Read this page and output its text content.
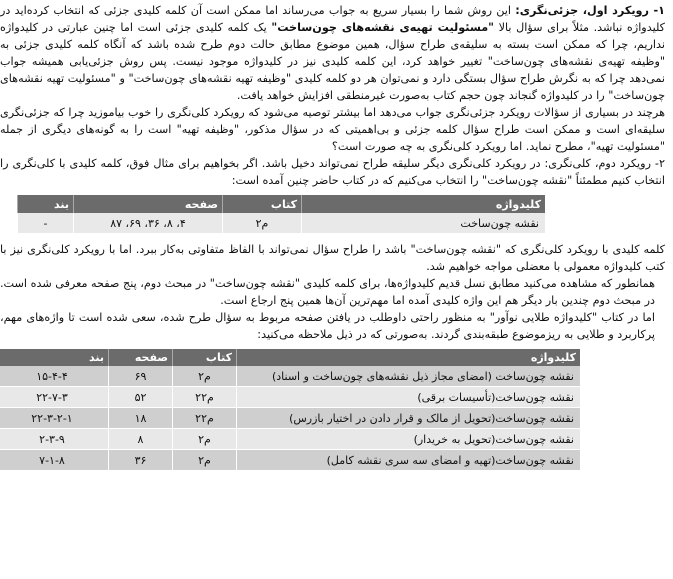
۱- رویکرد اول، جزئی‌نگری: این روش شما را بسیار سریع به جواب می‌رساند اما ممکن است آن کلمه کلیدی جزئی که انتخاب کرده‌اید در کلیدواژه نباشد. مثلاً برای سؤال بالا "مسئولیت تهیه‌ی نقشه‌های چون‌ساخت" یک کلمه کلیدی جزئی است اما چنین عبارتی در کلیدواژه نداریم، چرا که ممکن است بسته به سلیقه‌ی طراح سؤال، همین موضوع مطابق حالت دوم طرح شده باشد که آنگاه کلمه کلیدی جزئی به "وظیفه تهیه‌ی نقشه‌های چون‌ساخت" تغییر خواهد کرد، این کلمه کلیدی نیز در کلیدواژه موجود نیست. پس روش جزئی‌یابی همیشه جواب نمی‌دهد چرا که به نگرش طراح سؤال بستگی دارد و نمی‌توان هر دو کلمه کلیدی "وظیفه تهیه نقشه‌های چون‌ساخت" و "مسئولیت تهیه نقشه‌های چون‌ساخت" را در کلیدواژه گنجاند چون حجم کتاب به‌صورت غیرمنطقی افزایش خواهد یافت.

هرچند در بسیاری از سؤالات رویکرد جزئی‌نگری جواب می‌دهد اما بیشتر توصیه می‌شود که رویکرد کلی‌نگری را خوب بیاموزید چرا که جزئی‌نگری سلیقه‌ای است و ممکن است طراح سؤال کلمه جزئی و بی‌اهمیتی که در سؤال مذکور، "وظیفه تهیه" است را به گونه‌های دیگری از جمله "مسئولیت تهیه"، مطرح نماید. اما رویکرد کلی‌نگری به چه صورت است؟

۲- رویکرد دوم، کلی‌نگری: در رویکرد کلی‌نگری دیگر سلیقه طراح نمی‌تواند دخیل باشد. اگر بخواهیم برای مثال فوق، کلمه کلیدی با کلی‌نگری را انتخاب کنیم مطمئناً "نقشه چون‌ساخت" را انتخاب می‌کنیم که در کتاب حاضر چنین آمده است:

کلیدواژه	کتاب	صفحه	بند
نقشه چون‌ساخت	م۲	۴، ۸، ۳۶، ۶۹، ۸۷	-

کلمه کلیدی با رویکرد کلی‌نگری که "نقشه چون‌ساخت" باشد را طراح سؤال نمی‌تواند با الفاظ متفاوتی به‌کار ببرد. اما با رویکرد کلی‌نگری نیز با کتب کلیدواژه معمولی با معضلی مواجه خواهیم شد.

همانطور که مشاهده می‌کنید مطابق نسل قدیم کلیدواژه‌ها، برای کلمه کلیدی "نقشه چون‌ساخت" در مبحث دوم، پنج صفحه معرفی شده است. در مبحث دوم چندین بار دیگر هم این واژه کلیدی آمده اما مهم‌ترین آن‌ها همین پنج ارجاع است.

اما در کتاب "کلیدواژه طلایی نوآور" به منظور راحتی داوطلب در یافتن صفحه مربوط به سؤال طرح شده، سعی شده است تا واژه‌های مهم، پرکاربرد و طلایی به ریزموضوع طبقه‌بندی گردند. به‌صورتی که در ذیل ملاحظه می‌کنید:

کلیدواژه	کتاب	صفحه	بند
نقشه چون‌ساخت (امضای مجاز ذیل نقشه‌های چون‌ساخت و اسناد)	م۲	۶۹	۱۵-۴-۴
نقشه چون‌ساخت(تأسیسات برقی)	م۲۲	۵۲	۲۲-۷-۳
نقشه چون‌ساخت(تحویل از مالک و قرار دادن در اختیار بازرس)	م۲۲	۱۸	۲۲-۳-۲-۱
نقشه چون‌ساخت(تحویل به خریدار)	م۲	۸	۲-۳-۹
نقشه چون‌ساخت(تهیه و امضای سه سری نقشه کامل)	م۲	۳۶	۷-۱-۸
